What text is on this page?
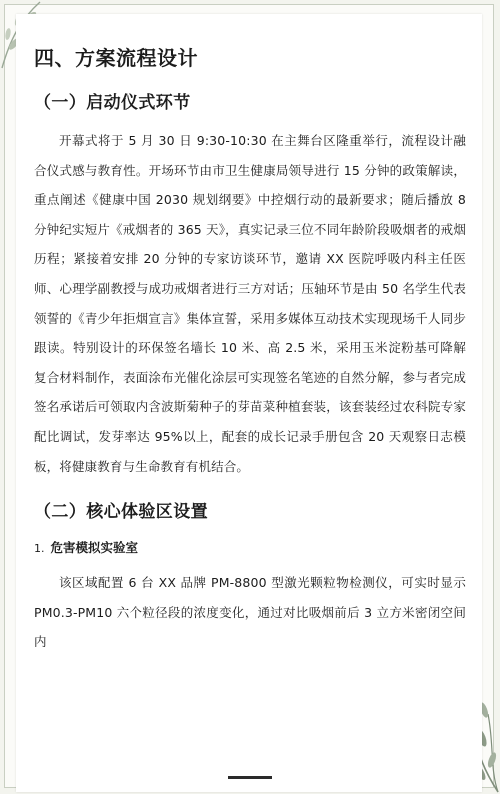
四、方案流程设计
（一）启动仪式环节

开幕式将于 5 月 30 日 9:30-10:30 在主舞台区隆重举行，流程设计融合仪式感与教育性。开场环节由市卫生健康局领导进行 15 分钟的政策解读，重点阐述《健康中国 2030 规划纲要》中控烟行动的最新要求；随后播放 8 分钟纪实短片《戒烟者的 365 天》，真实记录三位不同年龄阶段吸烟者的戒烟历程；紧接着安排 20 分钟的专家访谈环节，邀请 XX 医院呼吸内科主任医师、心理学副教授与成功戒烟者进行三方对话；压轴环节是由 50 名学生代表领誓的《青少年拒烟宣言》集体宣誓，采用多媒体互动技术实现现场千人同步跟读。特别设计的环保签名墙长 10 米、高 2.5 米，采用玉米淀粉基可降解复合材料制作，表面涂布光催化涂层可实现签名笔迹的自然分解，参与者完成签名承诺后可领取内含波斯菊种子的芽苗菜种植套装，该套装经过农科院专家配比调试，发芽率达 95%以上，配套的成长记录手册包含 20 天观察日志模板，将健康教育与生命教育有机结合。

（二）核心体验区设置
1. 危害模拟实验室

该区域配置 6 台 XX 品牌 PM-8800 型激光颗粒物检测仪，可实时显示 PM0.3-PM10 六个粒径段的浓度变化，通过对比吸烟前后 3 立方米密闭空间内
